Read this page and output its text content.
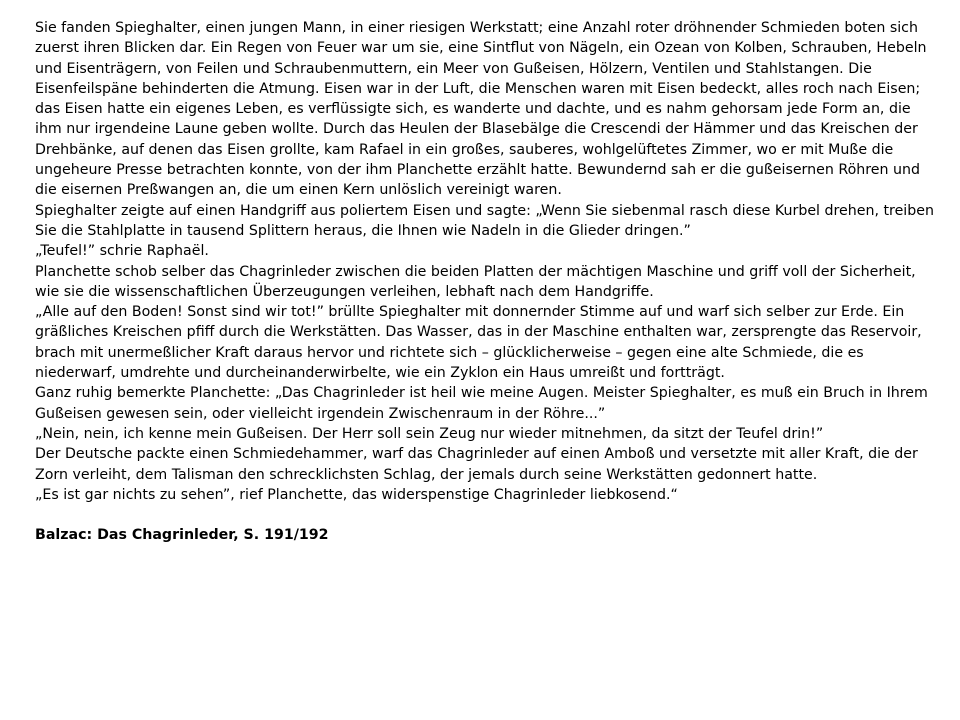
Sie fanden Spieghalter, einen jungen Mann, in einer riesigen Werkstatt; eine Anzahl roter dröhnender Schmieden boten sich zuerst ihren Blicken dar. Ein Regen von Feuer war um sie, eine Sintflut von Nägeln, ein Ozean von Kolben, Schrauben, Hebeln und Eisenträgern, von Feilen und Schraubenmuttern, ein Meer von Gußeisen, Hölzern, Ventilen und Stahlstangen. Die Eisenfeilspäne behinderten die Atmung. Eisen war in der Luft, die Menschen waren mit Eisen bedeckt, alles roch nach Eisen; das Eisen hatte ein eigenes Leben, es verflüssigte sich, es wanderte und dachte, und es nahm gehorsam jede Form an, die ihm nur irgendeine Laune geben wollte. Durch das Heulen der Blasebälge die Crescendi der Hämmer und das Kreischen der Drehbänke, auf denen das Eisen grollte, kam Rafael in ein großes, sauberes, wohlgelüftetes Zimmer, wo er mit Muße die ungeheure Presse betrachten konnte, von der ihm Planchette erzählt hatte. Bewundernd sah er die gußeisernen Röhren und die eisernen Preßwangen an, die um einen Kern unlöslich vereinigt waren.

Spieghalter zeigte auf einen Handgriff aus poliertem Eisen und sagte: „Wenn Sie siebenmal rasch diese Kurbel drehen, treiben Sie die Stahlplatte in tausend Splittern heraus, die Ihnen wie Nadeln in die Glieder dringen.”

„Teufel!” schrie Raphaël.

Planchette schob selber das Chagrinleder zwischen die beiden Platten der mächtigen Maschine und griff voll der Sicherheit, wie sie die wissenschaftlichen Überzeugungen verleihen, lebhaft nach dem Handgriffe.

„Alle auf den Boden! Sonst sind wir tot!” brüllte Spieghalter mit donnernder Stimme auf und warf sich selber zur Erde. Ein gräßliches Kreischen pfiff durch die Werkstätten. Das Wasser, das in der Maschine enthalten war, zersprengte das Reservoir, brach mit unermeßlicher Kraft daraus hervor und richtete sich – glücklicherweise – gegen eine alte Schmiede, die es niederwarf, umdrehte und durcheinanderwirbelte, wie ein Zyklon ein Haus umreißt und fortträgt.

Ganz ruhig bemerkte Planchette: „Das Chagrinleder ist heil wie meine Augen. Meister Spieghalter, es muß ein Bruch in Ihrem Gußeisen gewesen sein, oder vielleicht irgendein Zwischenraum in der Röhre...”

„Nein, nein, ich kenne mein Gußeisen. Der Herr soll sein Zeug nur wieder mitnehmen, da sitzt der Teufel drin!”

Der Deutsche packte einen Schmiedehammer, warf das Chagrinleder auf einen Amboß und versetzte mit aller Kraft, die der Zorn verleiht, dem Talisman den schrecklichsten Schlag, der jemals durch seine Werkstätten gedonnert hatte.

„Es ist gar nichts zu sehen”, rief Planchette, das widerspenstige Chagrinleder liebkosend.“

Balzac: Das Chagrinleder, S. 191/192
